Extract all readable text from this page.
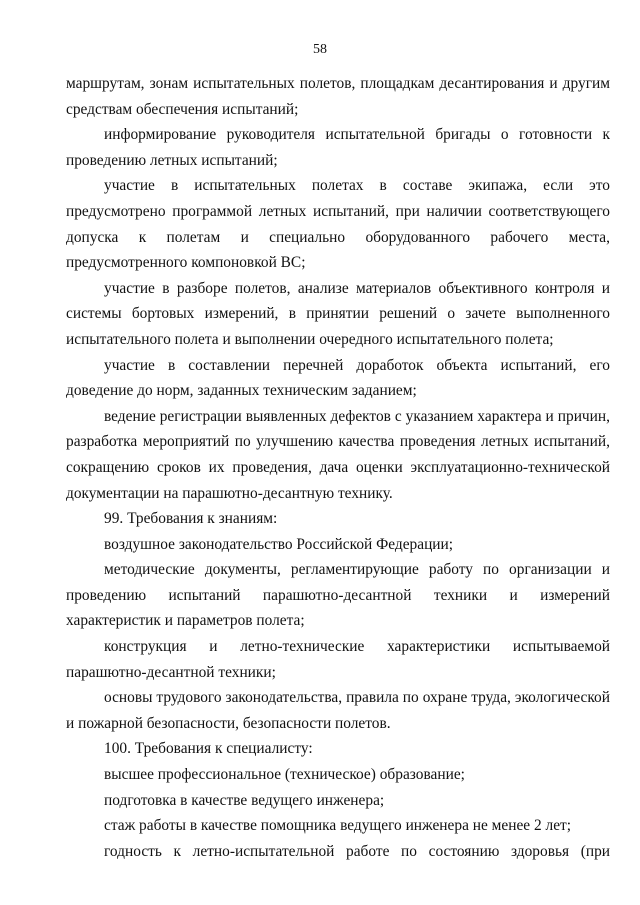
58

маршрутам, зонам испытательных полетов, площадкам десантирования и другим средствам обеспечения испытаний;

информирование руководителя испытательной бригады о готовности к проведению летных испытаний;

участие в испытательных полетах в составе экипажа, если это предусмотрено программой летных испытаний, при наличии соответствующего допуска к полетам и специально оборудованного рабочего места, предусмотренного компоновкой ВС;

участие в разборе полетов, анализе материалов объективного контроля и системы бортовых измерений, в принятии решений о зачете выполненного испытательного полета и выполнении очередного испытательного полета;

участие в составлении перечней доработок объекта испытаний, его доведение до норм, заданных техническим заданием;

ведение регистрации выявленных дефектов с указанием характера и причин, разработка мероприятий по улучшению качества проведения летных испытаний, сокращению сроков их проведения, дача оценки эксплуатационно-технической документации на парашютно-десантную технику.

99. Требования к знаниям:

воздушное законодательство Российской Федерации;

методические документы, регламентирующие работу по организации и проведению испытаний парашютно-десантной техники и измерений характеристик и параметров полета;

конструкция и летно-технические характеристики испытываемой парашютно-десантной техники;

основы трудового законодательства, правила по охране труда, экологической и пожарной безопасности, безопасности полетов.

100. Требования к специалисту:

высшее профессиональное (техническое) образование;

подготовка в качестве ведущего инженера;

стаж работы в качестве помощника ведущего инженера не менее 2 лет;

годность к летно-испытательной работе по состоянию здоровья (при
